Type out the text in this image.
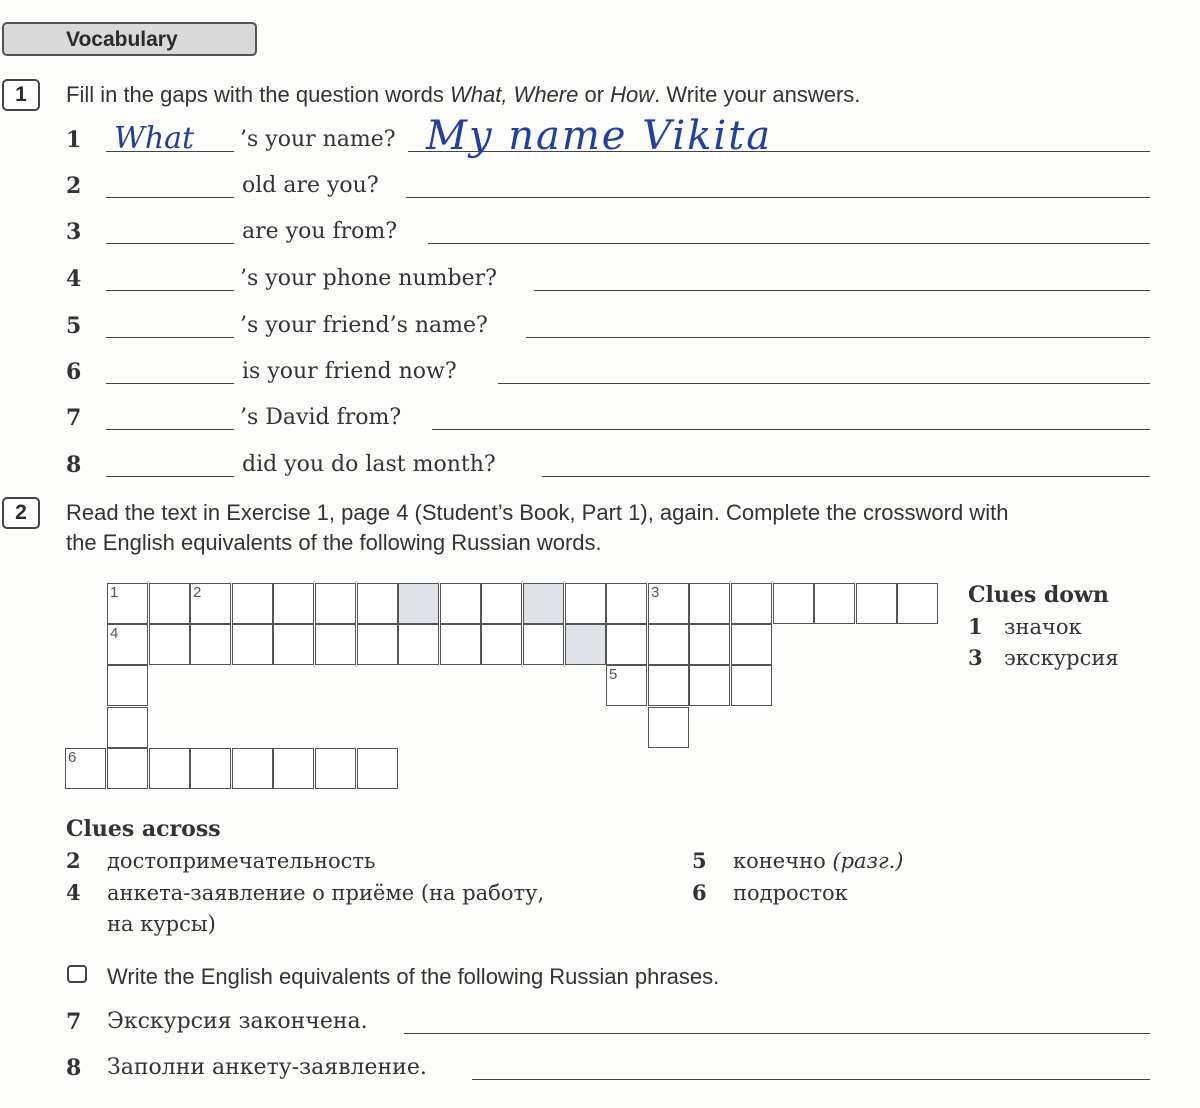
Vocabulary
1	Fill in the gaps with the question words What, Where or How. Write your answers.
1 What ’s your name? My name Vikita
2	old are you?
3	are you from?
4	’s your phone number?
5	’s your friend’s name?
6	is your friend now?
7	’s David from?
8	did you do last month?
2	Read the text in Exercise 1, page 4 (Student’s Book, Part 1), again. Complete the crossword with
the English equivalents of the following Russian words.
1	2	3
4
5
6
Clues down
1 значок
3 экскурсия
Clues across
2 достопримечательность
4 анкета-заявление о приёме (на работу,
на курсы)
5 конечно (разг.)
6 подросток
Write the English equivalents of the following Russian phrases.
7 Экскурсия закончена.
8 Заполни анкету-заявление.
